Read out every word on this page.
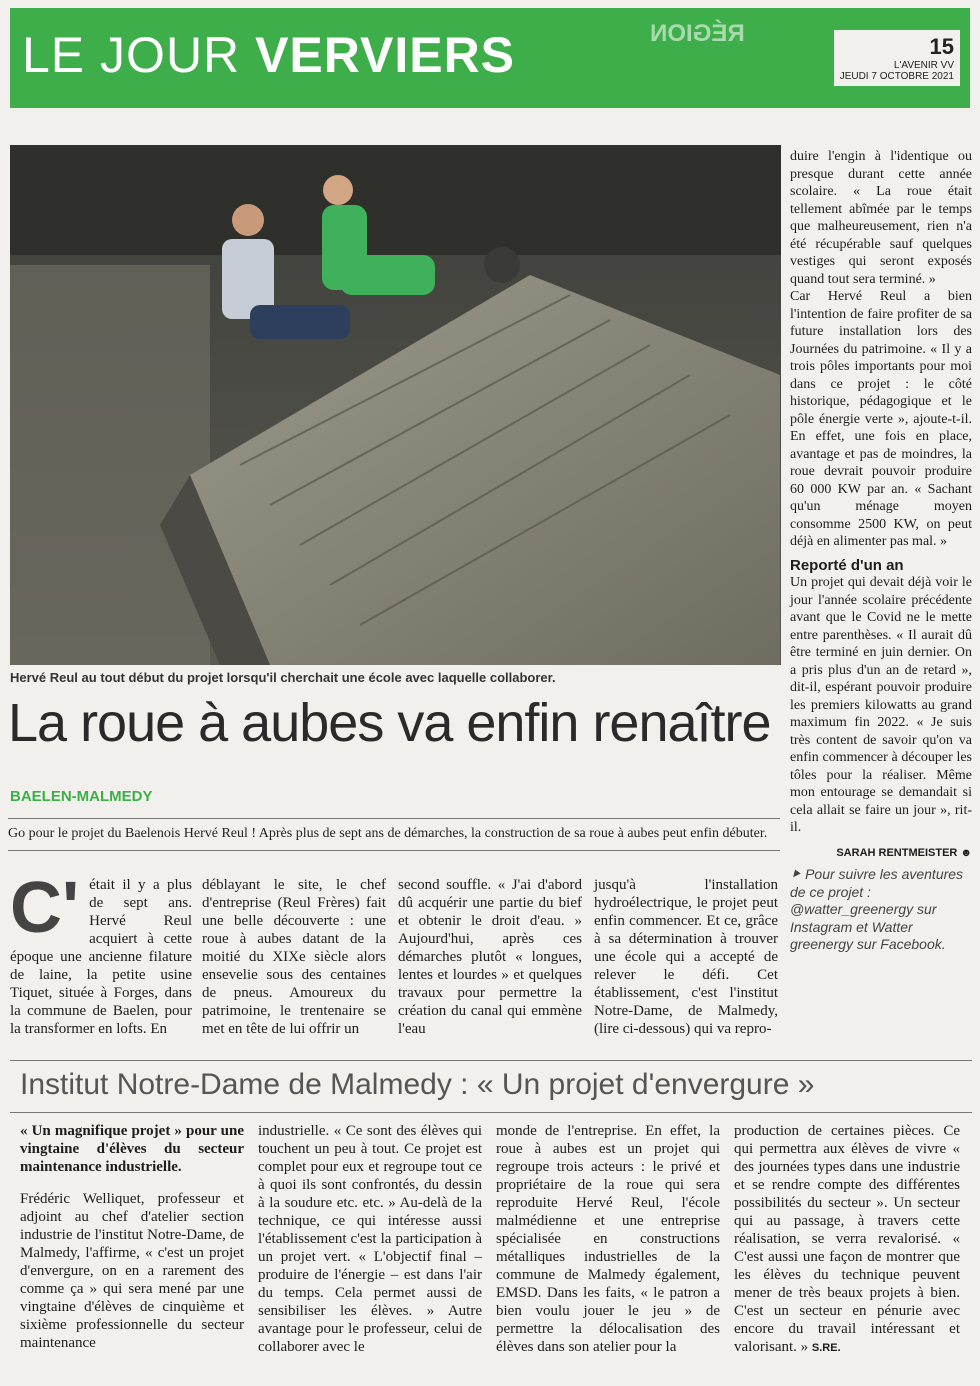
LE JOUR VERVIERS	RÉGION	15
L'AVENIR VV
JEUDI 7 OCTOBRE 2021
Hervé Reul au tout début du projet lorsqu'il cherchait une école avec laquelle collaborer.
La roue à aubes va enfin renaître
BAELEN-MALMEDY
Go pour le projet du Baelenois Hervé Reul ! Après plus de sept ans de démarches, la construction de sa roue à aubes peut enfin débuter.
C' était il y a plus de sept ans. Hervé Reul acquiert à cette époque une ancienne filature de laine, la petite usine Tiquet, située à Forges, dans la commune de Baelen, pour la transformer en lofts. En
déblayant le site, le chef d'entreprise (Reul Frères) fait une belle découverte : une roue à aubes datant de la moitié du XIXe siècle alors ensevelie sous des centaines de pneus. Amoureux du patrimoine, le trentenaire se met en tête de lui offrir un
second souffle. « J'ai d'abord dû acquérir une partie du bief et obtenir le droit d'eau. » Aujourd'hui, après ces démarches plutôt « longues, lentes et lourdes » et quelques travaux pour permettre la création du canal qui emmène l'eau
jusqu'à l'installation hydroélectrique, le projet peut enfin commencer. Et ce, grâce à sa détermination à trouver une école qui a accepté de relever le défi. Cet établissement, c'est l'institut Notre-Dame, de Malmedy, (lire ci-dessous) qui va repro-

duire l'engin à l'identique ou presque durant cette année scolaire. « La roue était tellement abîmée par le temps que malheureusement, rien n'a été récupérable sauf quelques vestiges qui seront exposés quand tout sera terminé. »

Car Hervé Reul a bien l'intention de faire profiter de sa future installation lors des Journées du patrimoine. « Il y a trois pôles importants pour moi dans ce projet : le côté historique, pédagogique et le pôle énergie verte », ajoute-t-il. En effet, une fois en place, avantage et pas de moindres, la roue devrait pouvoir produire 60 000 KW par an. « Sachant qu'un ménage moyen consomme 2500 KW, on peut déjà en alimenter pas mal. »

Reporté d'un an

Un projet qui devait déjà voir le jour l'année scolaire précédente avant que le Covid ne le mette entre parenthèses. « Il aurait dû être terminé en juin dernier. On a pris plus d'un an de retard », dit-il, espérant pouvoir produire les premiers kilowatts au grand maximum fin 2022. « Je suis très content de savoir qu'on va enfin commencer à découper les tôles pour la réaliser. Même mon entourage se demandait si cela allait se faire un jour », rit-il.

SARAH RENTMEISTER ☻

⯈ Pour suivre les aventures de ce projet : @watter_greenergy sur Instagram et Watter greenergy sur Facebook.

Institut Notre-Dame de Malmedy : « Un projet d'envergure »

« Un magnifique projet » pour une vingtaine d'élèves du secteur maintenance industrielle.

Frédéric Welliquet, professeur et adjoint au chef d'atelier section industrie de l'institut Notre-Dame, de Malmedy, l'affirme, « c'est un projet d'envergure, on en a rarement des comme ça » qui sera mené par une vingtaine d'élèves de cinquième et sixième professionnelle du secteur maintenance

industrielle. « Ce sont des élèves qui touchent un peu à tout. Ce projet est complet pour eux et regroupe tout ce à quoi ils sont confrontés, du dessin à la soudure etc. etc. » Au-delà de la technique, ce qui intéresse aussi l'établissement c'est la participation à un projet vert. « L'objectif final – produire de l'énergie – est dans l'air du temps. Cela permet aussi de sensibiliser les élèves. » Autre avantage pour le professeur, celui de collaborer avec le
monde de l'entreprise. En effet, la roue à aubes est un projet qui regroupe trois acteurs : le privé et propriétaire de la roue qui sera reproduite Hervé Reul, l'école malmédienne et une entreprise spécialisée en constructions métalliques industrielles de la commune de Malmedy également, EMSD. Dans les faits, « le patron a bien voulu jouer le jeu » de permettre la délocalisation des élèves dans son atelier pour la
production de certaines pièces. Ce qui permettra aux élèves de vivre « des journées types dans une industrie et se rendre compte des différentes possibilités du secteur ». Un secteur qui au passage, à travers cette réalisation, se verra revalorisé. « C'est aussi une façon de montrer que les élèves du technique peuvent mener de très beaux projets à bien. C'est un secteur en pénurie avec encore du travail intéressant et valorisant. » S.RE.
